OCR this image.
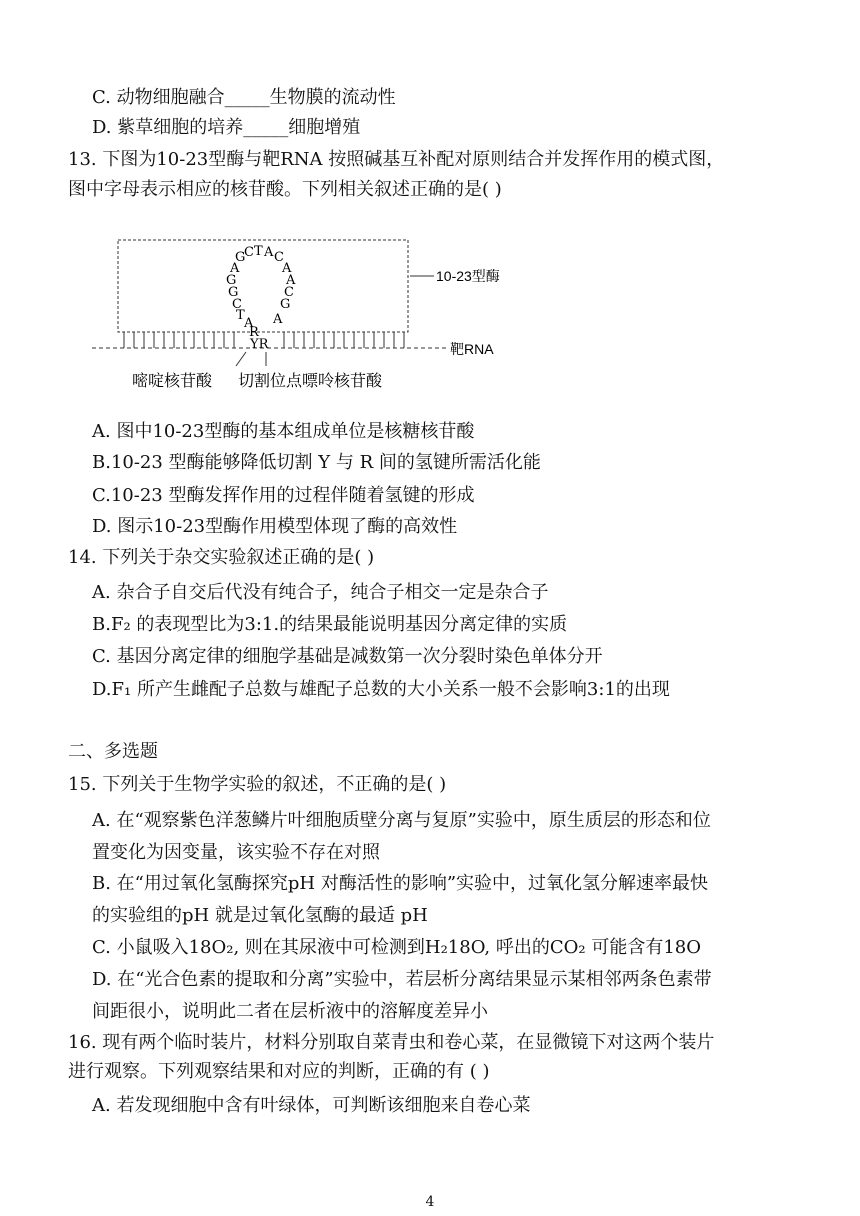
C. 动物细胞融合_____生物膜的流动性
D. 紫草细胞的培养_____细胞增殖
13. 下图为10-23型酶与靶RNA 按照碱基互补配对原则结合并发挥作用的模式图，
图中字母表示相应的核苷酸。下列相关叙述正确的是( )
10-23型酶
靶RNA
G
C T A C
A
A
C
G
A
A
G
G
C
T
A
R
YR
嘧啶核苷酸 切割位点嘌呤核苷酸
A. 图中10-23型酶的基本组成单位是核糖核苷酸
B.10-23 型酶能够降低切割 Y 与 R 间的氢键所需活化能
C.10-23 型酶发挥作用的过程伴随着氢键的形成
D. 图示10-23型酶作用模型体现了酶的高效性
14. 下列关于杂交实验叙述正确的是( )
A. 杂合子自交后代没有纯合子，纯合子相交一定是杂合子
B.F₂ 的表现型比为3:1.的结果最能说明基因分离定律的实质
C. 基因分离定律的细胞学基础是减数第一次分裂时染色单体分开
D.F₁ 所产生雌配子总数与雄配子总数的大小关系一般不会影响3:1的出现
二、多选题
15. 下列关于生物学实验的叙述，不正确的是( )
A. 在“观察紫色洋葱鳞片叶细胞质壁分离与复原”实验中，原生质层的形态和位
置变化为因变量，该实验不存在对照
B. 在“用过氧化氢酶探究pH 对酶活性的影响”实验中，过氧化氢分解速率最快
的实验组的pH 就是过氧化氢酶的最适 pH
C. 小鼠吸入18O₂, 则在其尿液中可检测到H₂18O, 呼出的CO₂ 可能含有18O
D. 在“光合色素的提取和分离”实验中，若层析分离结果显示某相邻两条色素带
间距很小，说明此二者在层析液中的溶解度差异小
16. 现有两个临时装片，材料分别取自菜青虫和卷心菜，在显微镜下对这两个装片
进行观察。下列观察结果和对应的判断，正确的有 ( )
A. 若发现细胞中含有叶绿体，可判断该细胞来自卷心菜
4
